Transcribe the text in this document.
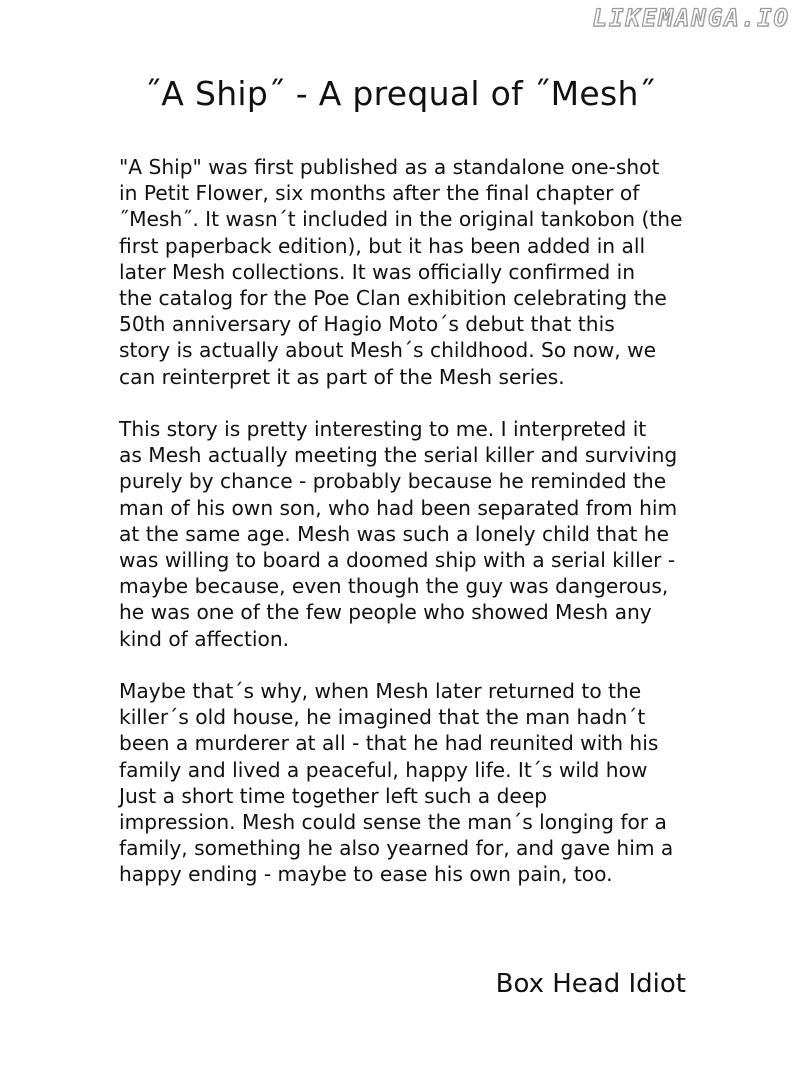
LIKEMANGA.IO
˝A Ship˝ - A prequal of ˝Mesh˝

"A Ship" was first published as a standalone one-shot
in Petit Flower, six months after the final chapter of
˝Mesh˝. It wasn´t included in the original tankobon (the
first paperback edition), but it has been added in all
later Mesh collections. It was officially confirmed in
the catalog for the Poe Clan exhibition celebrating the
50th anniversary of Hagio Moto´s debut that this
story is actually about Mesh´s childhood. So now, we
can reinterpret it as part of the Mesh series.

This story is pretty interesting to me. I interpreted it
as Mesh actually meeting the serial killer and surviving
purely by chance - probably because he reminded the
man of his own son, who had been separated from him
at the same age. Mesh was such a lonely child that he
was willing to board a doomed ship with a serial killer -
maybe because, even though the guy was dangerous,
he was one of the few people who showed Mesh any
kind of affection.

Maybe that´s why, when Mesh later returned to the
killer´s old house, he imagined that the man hadn´t
been a murderer at all - that he had reunited with his
family and lived a peaceful, happy life. It´s wild how
Just a short time together left such a deep
impression. Mesh could sense the man´s longing for a
family, something he also yearned for, and gave him a
happy ending - maybe to ease his own pain, too.

Box Head Idiot
